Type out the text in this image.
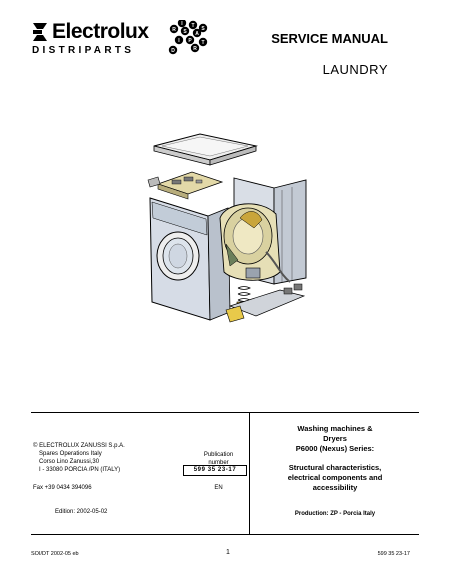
Electrolux
DISTRIPARTS	D
I
S
T
R
I
P
A
R
T
S
SERVICE MANUAL
LAUNDRY
© ELECTROLUX ZANUSSI S.p.A.
Spares Operations Italy
Corso Lino Zanussi,30
I - 33080 PORCIA /PN (ITALY)
Fax +39 0434 394096
Edition: 2002-05-02
Publication
number
599 35 23-17
EN
Washing machines &
Dryers
P6000 (Nexus) Series:
Structural characteristics,
electrical components and
accessibility
Production: ZP - Porcia Italy
SOI/DT 2002-05 eb	1	599 35 23-17
